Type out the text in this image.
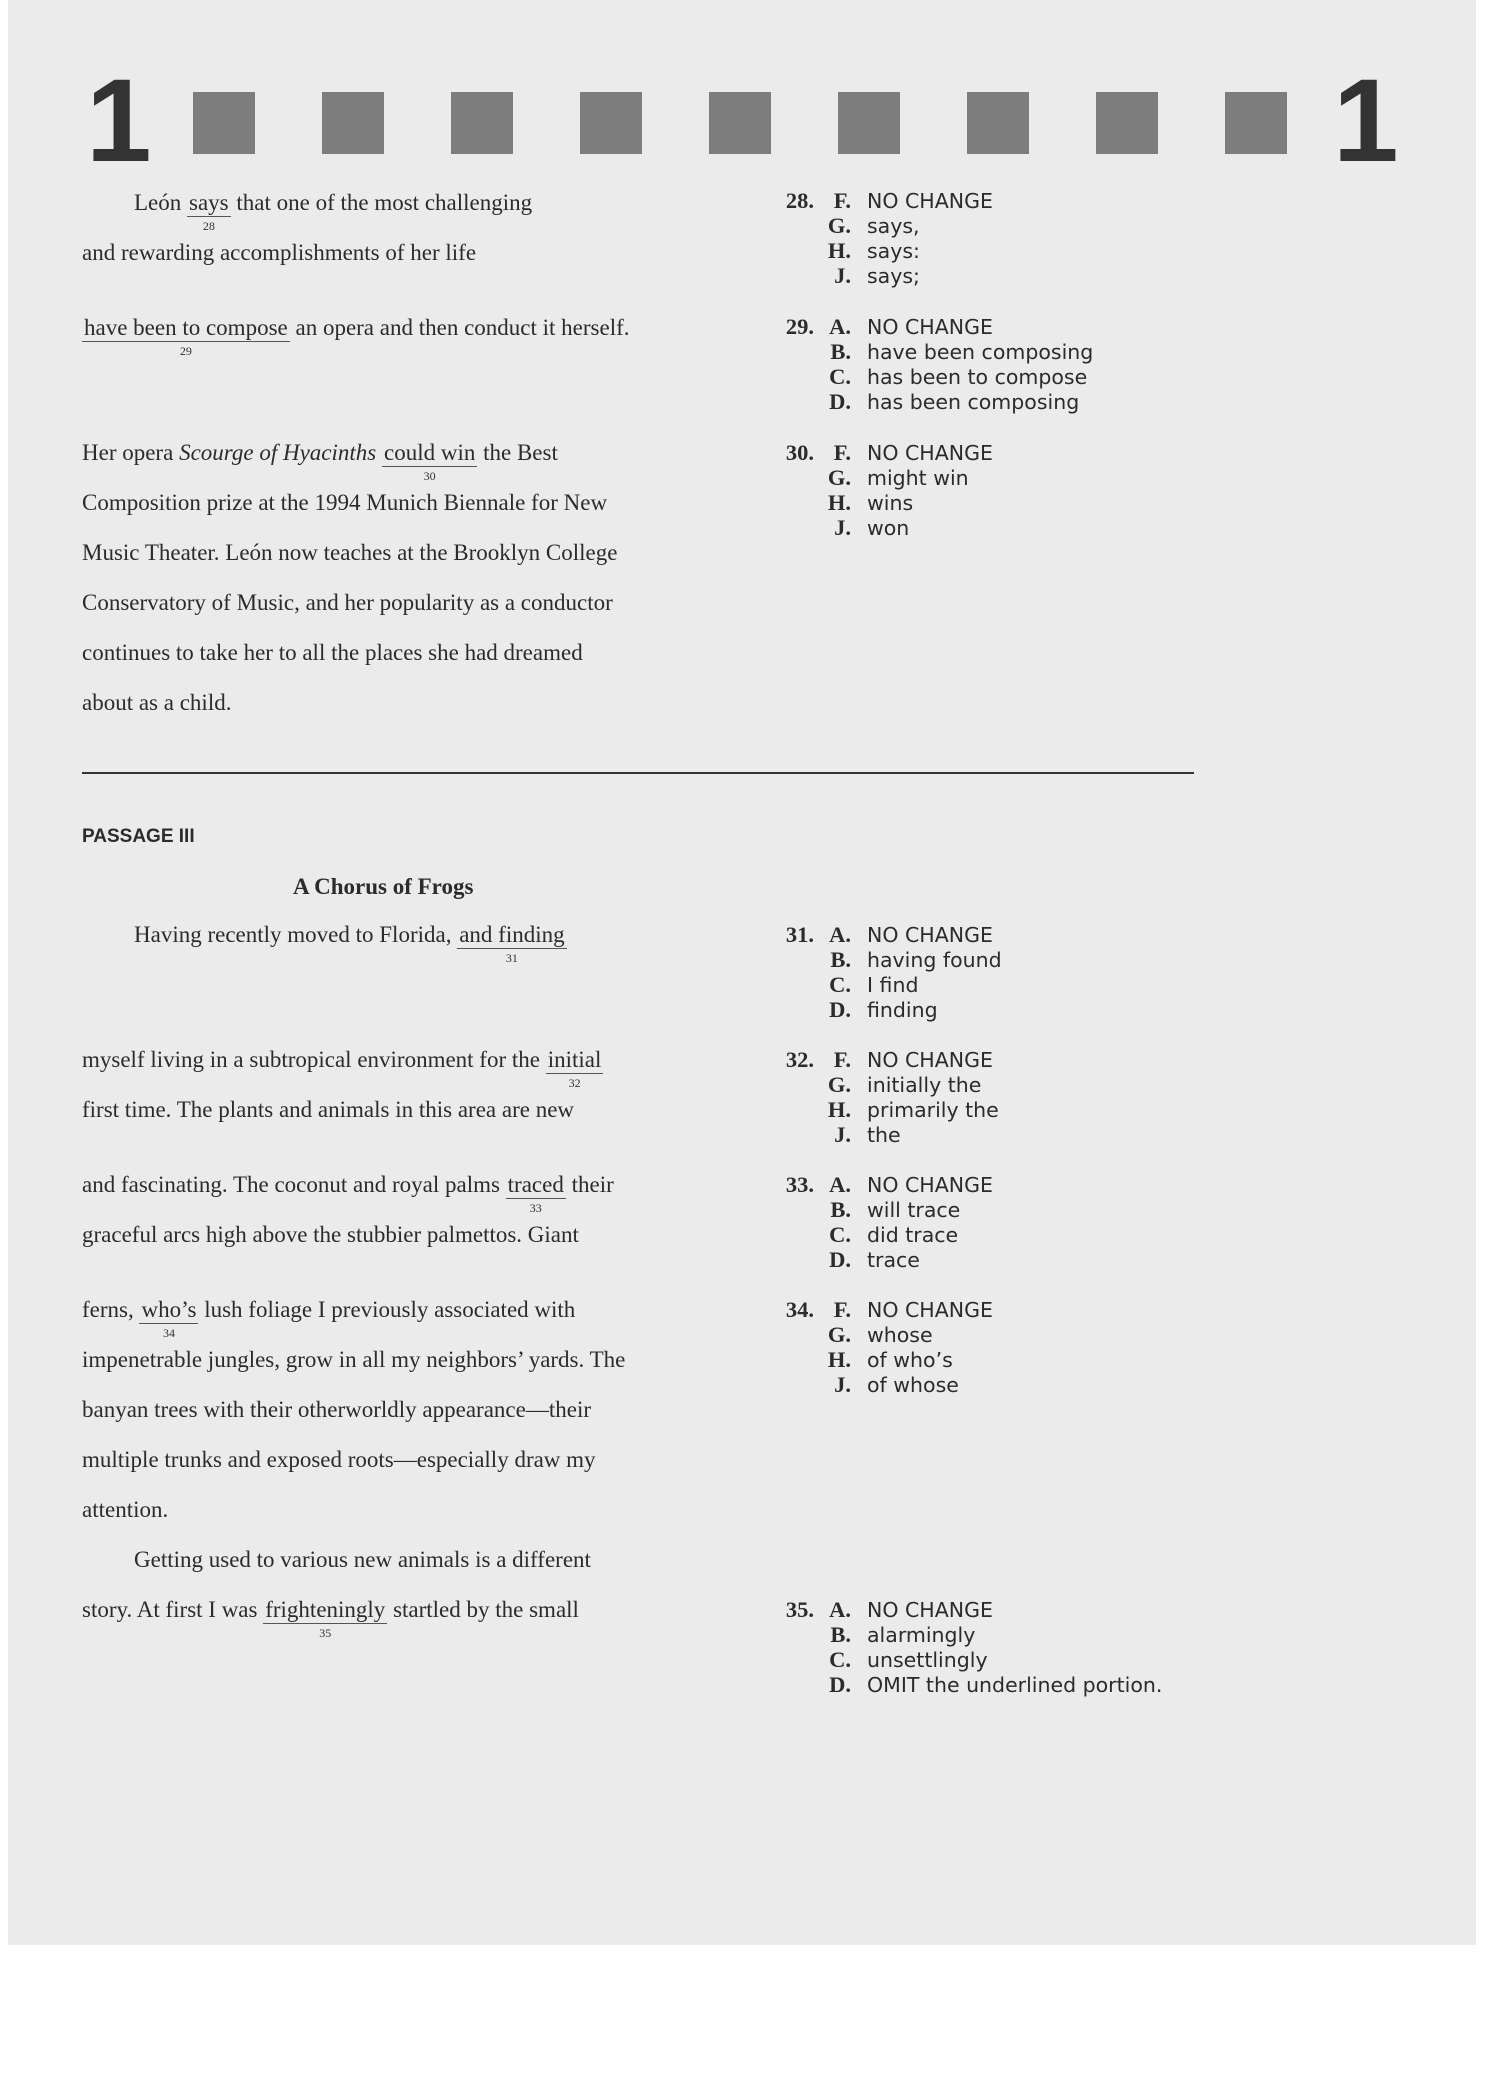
1	1
León says
28
that one of the most challenging
and rewarding accomplishments of her life
have been to compose
29
an opera and then conduct it herself.
Her opera Scourge of Hyacinths could win
30
the Best
Composition prize at the 1994 Munich Biennale for New
Music Theater. León now teaches at the Brooklyn College
Conservatory of Music, and her popularity as a conductor
continues to take her to all the places she had dreamed
about as a child.
PASSAGE III
A Chorus of Frogs
Having recently moved to Florida, and finding
31
myself living in a subtropical environment for the initial
32
first time. The plants and animals in this area are new
and fascinating. The coconut and royal palms traced
33
their
graceful arcs high above the stubbier palmettos. Giant
ferns, who’s
34
lush foliage I previously associated with
impenetrable jungles, grow in all my neighbors’ yards. The
banyan trees with their otherworldly appearance—their
multiple trunks and exposed roots—especially draw my
attention.
Getting used to various new animals is a different
story. At first I was frighteningly
35
startled by the small
28. F. NO CHANGE
G. says,
H. says:
J. says;
29. A. NO CHANGE
B. have been composing
C. has been to compose
D. has been composing
30. F. NO CHANGE
G. might win
H. wins
J. won
31. A. NO CHANGE
B. having found
C. I find
D. finding
32. F. NO CHANGE
G. initially the
H. primarily the
J. the
33. A. NO CHANGE
B. will trace
C. did trace
D. trace
34. F. NO CHANGE
G. whose
H. of who’s
J. of whose
35. A. NO CHANGE
B. alarmingly
C. unsettlingly
D. OMIT the underlined portion.
